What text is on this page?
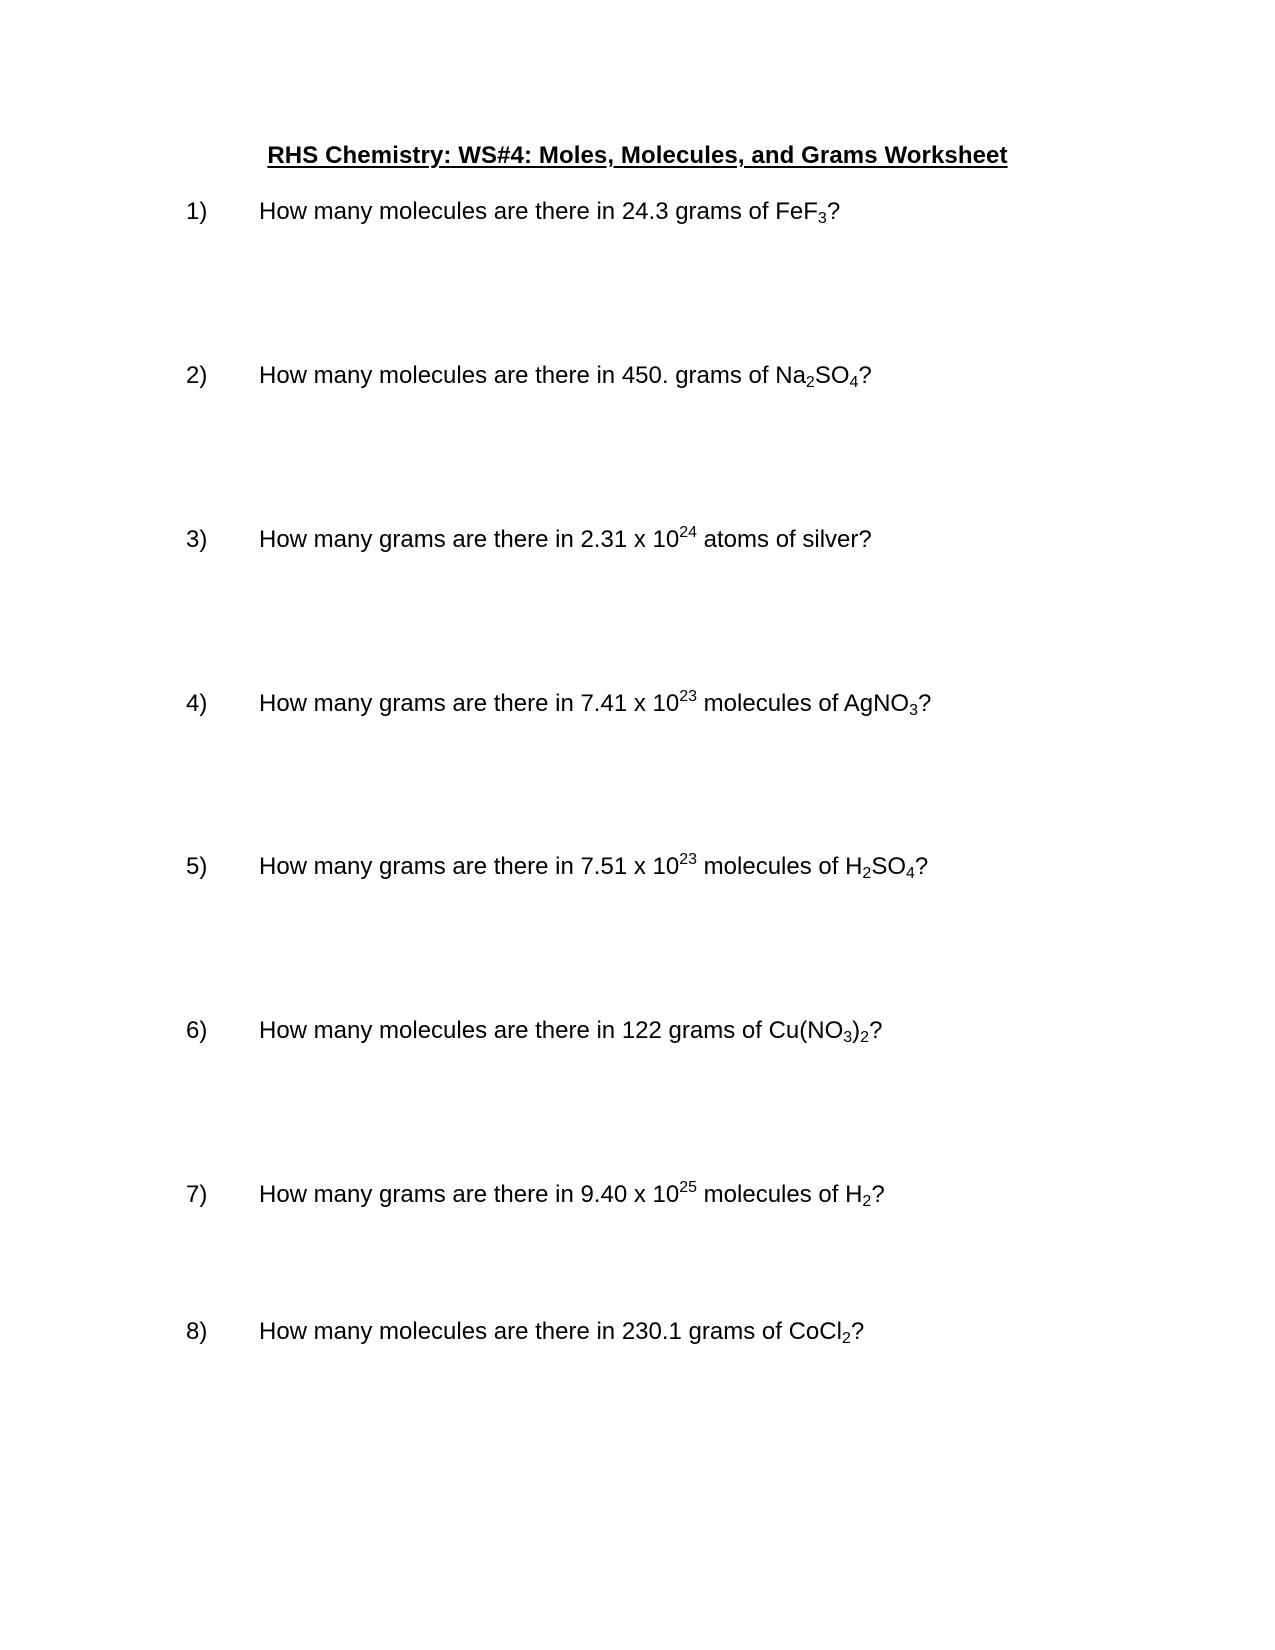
RHS Chemistry: WS#4: Moles, Molecules, and Grams Worksheet
1) How many molecules are there in 24.3 grams of FeF$_3$?
2) How many molecules are there in 450. grams of $Na_2SO_4$?
3) How many grams are there in 2.31 x $10^{24}$ atoms of silver?
4) How many grams are there in 7.41 x $10^{23}$ molecules of AgNO$_3$?
5) How many grams are there in 7.51 x $10^{23}$ molecules of $H_2SO_4$?
6) How many molecules are there in 122 grams of $Cu(NO_3)_2$?
7) How many grams are there in 9.40 x $10^{25}$ molecules of $H_2$?
8) How many molecules are there in 230.1 grams of CoCl$_2$?
